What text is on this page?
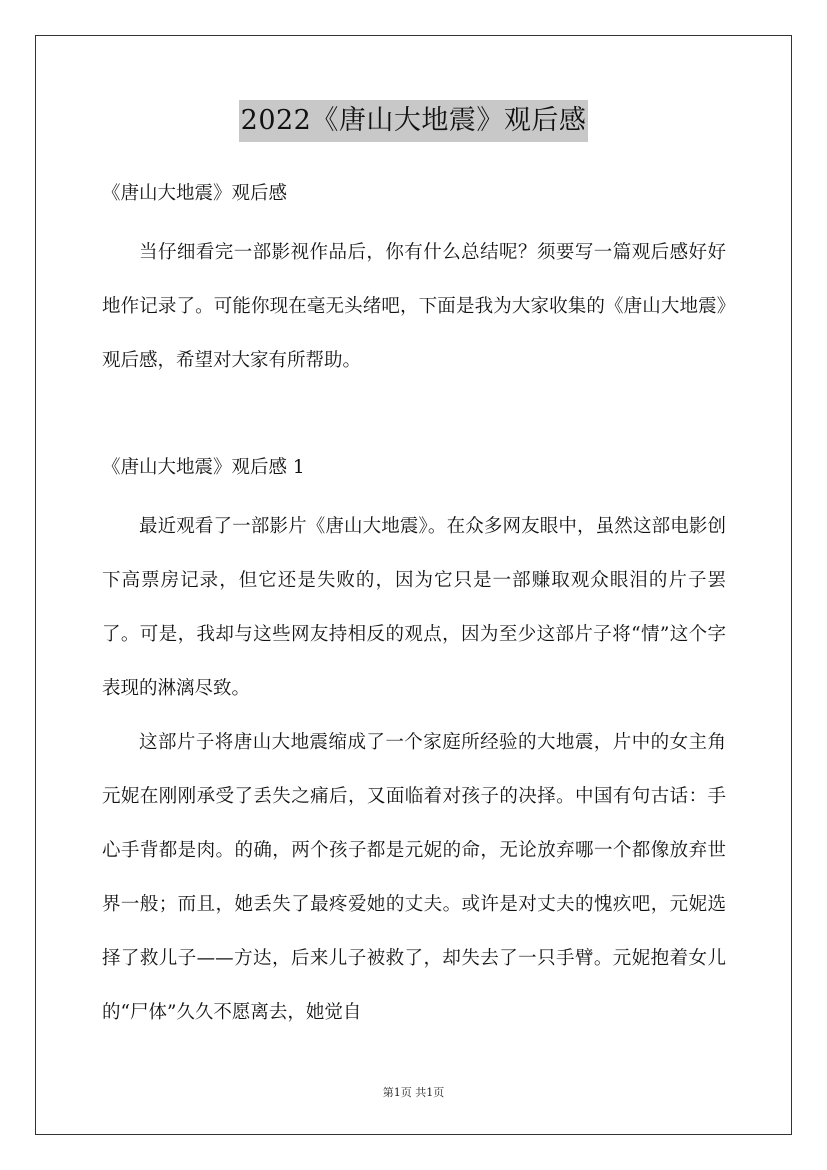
2022《唐山大地震》观后感
《唐山大地震》观后感
当仔细看完一部影视作品后，你有什么总结呢？须要写一篇观后感好好地作记录了。可能你现在毫无头绪吧，下面是我为大家收集的《唐山大地震》观后感，希望对大家有所帮助。
《唐山大地震》观后感 1
最近观看了一部影片《唐山大地震》。在众多网友眼中，虽然这部电影创下高票房记录，但它还是失败的，因为它只是一部赚取观众眼泪的片子罢了。可是，我却与这些网友持相反的观点，因为至少这部片子将“情”这个字表现的淋漓尽致。
这部片子将唐山大地震缩成了一个家庭所经验的大地震，片中的女主角元妮在刚刚承受了丢失之痛后，又面临着对孩子的决择。中国有句古话：手心手背都是肉。的确，两个孩子都是元妮的命，无论放弃哪一个都像放弃世界一般；而且，她丢失了最疼爱她的丈夫。或许是对丈夫的愧疚吧，元妮选择了救儿子——方达，后来儿子被救了，却失去了一只手臂。元妮抱着女儿的“尸体”久久不愿离去，她觉自
第1页 共1页
